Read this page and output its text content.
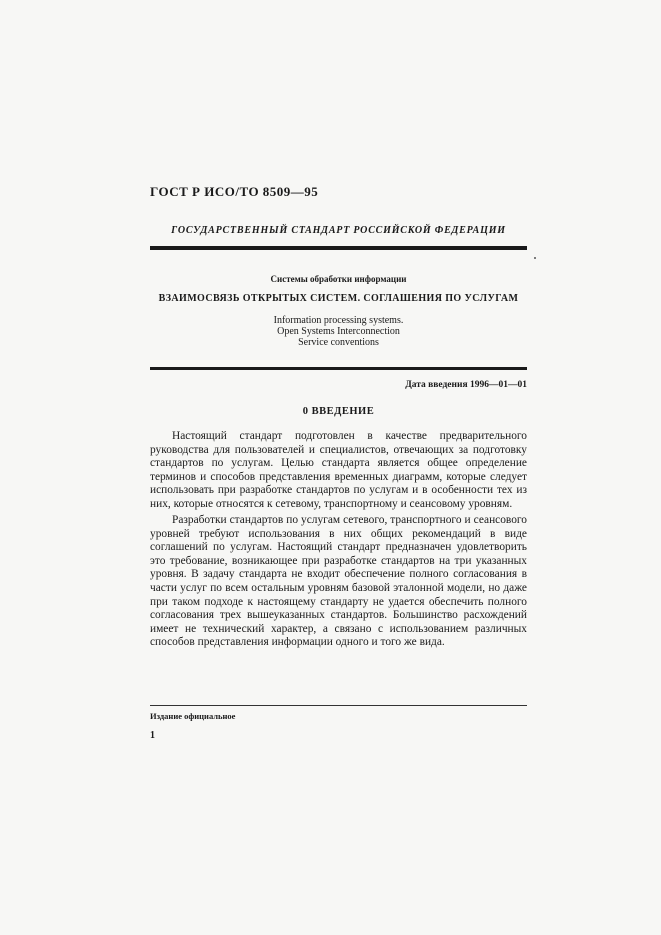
ГОСТ Р ИСО/ТО 8509—95
ГОСУДАРСТВЕННЫЙ СТАНДАРТ РОССИЙСКОЙ ФЕДЕРАЦИИ
Системы обработки информации
ВЗАИМОСВЯЗЬ ОТКРЫТЫХ СИСТЕМ. СОГЛАШЕНИЯ ПО УСЛУГАМ
Information processing systems.
Open Systems Interconnection
Service conventions
Дата введения 1996—01—01
0 ВВЕДЕНИЕ
Настоящий стандарт подготовлен в качестве предварительного руководства для пользователей и специалистов, отвечающих за подготовку стандартов по услугам. Целью стандарта является общее определение терминов и способов представления временных диаграмм, которые следует использовать при разработке стандартов по услугам и в особенности тех из них, которые относятся к сетевому, транспортному и сеансовому уровням.
Разработки стандартов по услугам сетевого, транспортного и сеансового уровней требуют использования в них общих рекомендаций в виде соглашений по услугам. Настоящий стандарт предназначен удовлетворить это требование, возникающее при разработке стандартов на три указанных уровня. В задачу стандарта не входит обеспечение полного согласования в части услуг по всем остальным уровням базовой эталонной модели, но даже при таком подходе к настоящему стандарту не удается обеспечить полного согласования трех вышеуказанных стандартов. Большинство расхождений имеет не технический характер, а связано с использованием различных способов представления информации одного и того же вида.
Издание официальное
1
